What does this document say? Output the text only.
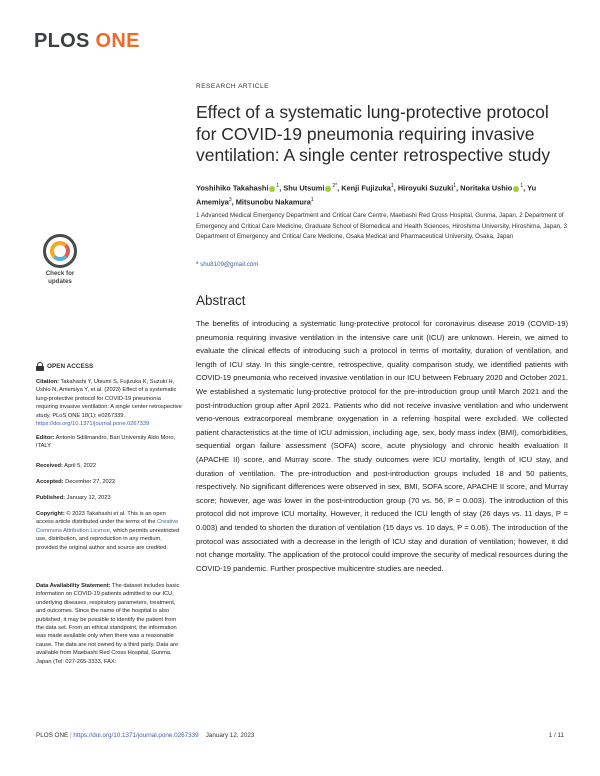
PLOS ONE
RESEARCH ARTICLE
Effect of a systematic lung-protective protocol for COVID-19 pneumonia requiring invasive ventilation: A single center retrospective study
Yoshihiko Takahashi $^1$, Shu Utsumi $^{2*}$, Kenji Fujizuka$^1$, Hiroyuki Suzuki$^1$, Noritaka Ushio $^1$, Yu Amemiya$^3$, Mitsunobu Nakamura$^1$
1 Advanced Medical Emergency Department and Critical Care Centre, Maebashi Red Cross Hospital, Gunma, Japan, 2 Department of Emergency and Critical Care Medicine, Graduate School of Biomedical and Health Sciences, Hiroshima University, Hiroshima, Japan, 3 Department of Emergency and Critical Care Medicine, Osaka Medical and Pharmaceutical University, Osaka, Japan
* shu8109@gmail.com
Abstract
The benefits of introducing a systematic lung-protective protocol for coronavirus disease 2019 (COVID-19) pneumonia requiring invasive ventilation in the intensive care unit (ICU) are unknown. Herein, we aimed to evaluate the clinical effects of introducing such a protocol in terms of mortality, duration of ventilation, and length of ICU stay. In this single-centre, retrospective, quality comparison study, we identified patients with COVID-19 pneumonia who received invasive ventilation in our ICU between February 2020 and October 2021. We established a systematic lung-protective protocol for the pre-introduction group until March 2021 and the post-introduction group after April 2021. Patients who did not receive invasive ventilation and who underwent veno-venous extracorporeal membrane oxygenation in a referring hospital were excluded. We collected patient characteristics at the time of ICU admission, including age, sex, body mass index (BMI), comorbidities, sequential organ failure assessment (SOFA) score, acute physiology and chronic health evaluation II (APACHE II) score, and Murray score. The study outcomes were ICU mortality, length of ICU stay, and duration of ventilation. The pre-introduction and post-introduction groups included 18 and 50 patients, respectively. No significant differences were observed in sex, BMI, SOFA score, APACHE II score, and Murray score; however, age was lower in the post-introduction group (70 vs. 56, P = 0.003). The introduction of this protocol did not improve ICU mortality. However, it reduced the ICU length of stay (26 days vs. 11 days, P = 0.003) and tended to shorten the duration of ventilation (15 days vs. 10 days, P = 0.06). The introduction of the protocol was associated with a decrease in the length of ICU stay and duration of ventilation; however, it did not change mortality. The application of the protocol could improve the security of medical resources during the COVID-19 pandemic. Further prospective multicentre studies are needed.
Check for
updates
OPEN ACCESS
Citation: Takahashi Y, Utsumi S, Fujizuka K, Suzuki H, Ushio N, Amemiya Y, et al. (2023) Effect of a systematic lung-protective protocol for COVID-19 pneumonia requiring invasive ventilation: A single center retrospective study. PLoS ONE 18(1): e0267339. https://doi.org/10.1371/journal.pone.0267339
Editor: Antonio Sdilimandro, Bari University Aldo Moro, ITALY
Received: April 5, 2022
Accepted: December 27, 2022
Published: January 12, 2023
Copyright: © 2023 Takahashi et al. This is an open access article distributed under the terms of the Creative Commons Attribution License, which permits unrestricted use, distribution, and reproduction in any medium, provided the original author and source are credited.
Data Availability Statement: The dataset includes basic information on COVID-19 patients admitted to our ICU, underlying diseases, respiratory parameters, treatment, and outcomes. Since the name of the hospital is also published, it may be possible to identify the patient from the data set. From an ethical standpoint, the information was made available only when there was a reasonable cause. The data are not owned by a third party. Data are available from Maebashi Red Cross Hospital, Gunma, Japan (Tel: 027-265-3333, FAX:
PLOS ONE | https://doi.org/10.1371/journal.pone.0267339 January 12, 2023	1 / 11
